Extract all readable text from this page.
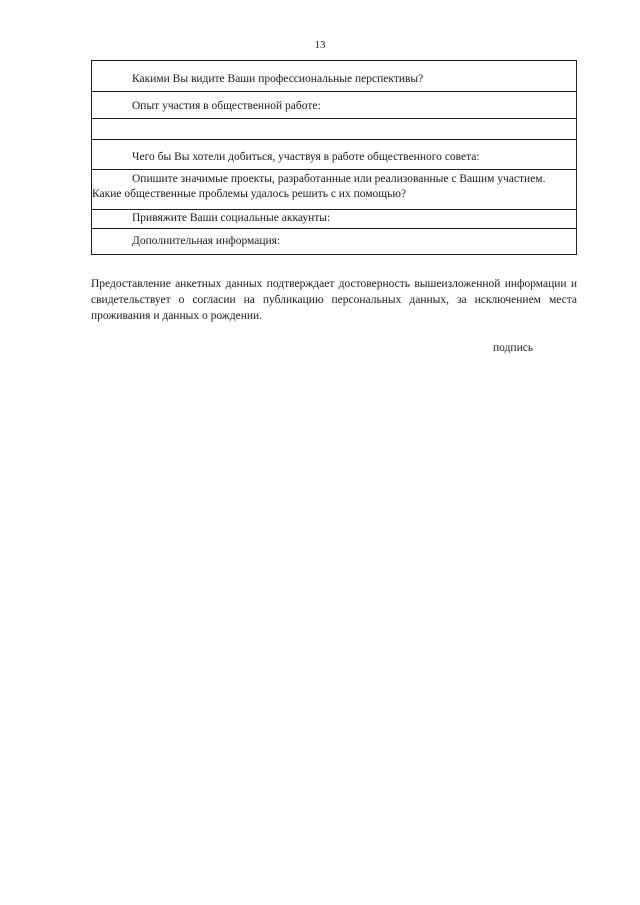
13
Какими Вы видите Ваши профессиональные перспективы?
Опыт участия в общественной работе:
Чего бы Вы хотели добиться, участвуя в работе общественного совета:
Опишите значимые проекты, разработанные или реализованные с Вашим участием. Какие общественные проблемы удалось решить с их помощью?
Привяжите Ваши социальные аккаунты:
Дополнительная информация:
Предоставление анкетных данных подтверждает достоверность вышеизложенной информации и свидетельствует о согласии на публикацию персональных данных, за исключением места проживания и данных о рождении.
подпись
